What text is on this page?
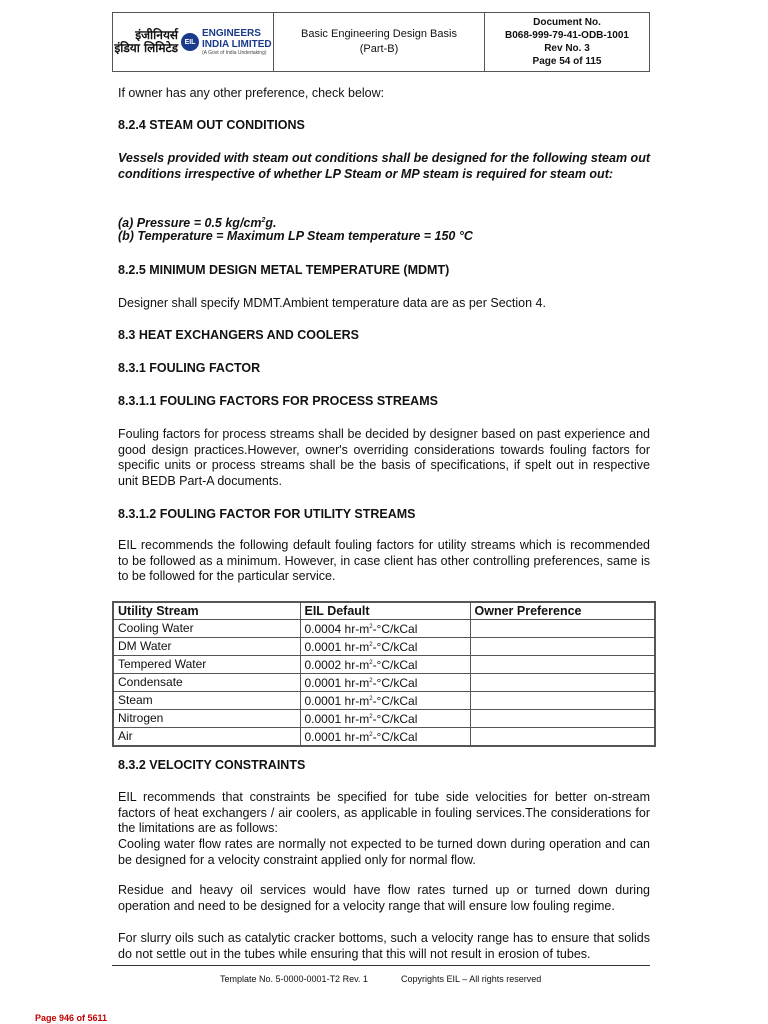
इंजीनियर्स
इंडिया लिमिटेड EIL
ENGINEERS
INDIA LIMITED
(A Govt of India Undertaking)

Basic Engineering Design Basis
(Part-B)

Document No.
B068-999-79-41-ODB-1001
Rev No. 3
Page 54 of 115
If owner has any other preference, check below:
8.2.4 STEAM OUT CONDITIONS
Vessels provided with steam out conditions shall be designed for the following steam out conditions irrespective of whether LP Steam or MP steam is required for steam out:
(a) Pressure = 0.5 $kg/cm^2g$.
(b) Temperature = Maximum LP Steam temperature = 150 °C
8.2.5 MINIMUM DESIGN METAL TEMPERATURE (MDMT)
Designer shall specify MDMT.Ambient temperature data are as per Section 4.
8.3 HEAT EXCHANGERS AND COOLERS
8.3.1 FOULING FACTOR
8.3.1.1 FOULING FACTORS FOR PROCESS STREAMS
Fouling factors for process streams shall be decided by designer based on past experience and good design practices.However, owner's overriding considerations towards fouling factors for specific units or process streams shall be the basis of specifications, if spelt out in respective unit BEDB Part-A documents.
8.3.1.2 FOULING FACTOR FOR UTILITY STREAMS
EIL recommends the following default fouling factors for utility streams which is recommended to be followed as a minimum. However, in case client has other controlling preferences, same is to be followed for the particular service.
Utility Stream	EIL Default	Owner Preference
Cooling Water	0.0004 $hr-m^2-^\circ C$/kCal	
DM Water	0.0001 $hr-m^2-^\circ C$/kCal	
Tempered Water	0.0002 $hr-m^2-^\circ C$/kCal	
Condensate	0.0001 $hr-m^2-^\circ C$/kCal	
Steam	0.0001 $hr-m^2-^\circ C$/kCal	
Nitrogen	0.0001 $hr-m^2-^\circ C$/kCal	
Air	0.0001 $hr-m^2-^\circ C$/kCal	
8.3.2 VELOCITY CONSTRAINTS
EIL recommends that constraints be specified for tube side velocities for better on-stream factors of heat exchangers / air coolers, as applicable in fouling services.The considerations for the limitations are as follows:
Cooling water flow rates are normally not expected to be turned down during operation and can be designed for a velocity constraint applied only for normal flow.
Residue and heavy oil services would have flow rates turned up or turned down during operation and need to be designed for a velocity range that will ensure low fouling regime.
For slurry oils such as catalytic cracker bottoms, such a velocity range has to ensure that solids do not settle out in the tubes while ensuring that this will not result in erosion of tubes.
Template No. 5-0000-0001-T2 Rev. 1	Copyrights EIL – All rights reserved
Page 946 of 5611
